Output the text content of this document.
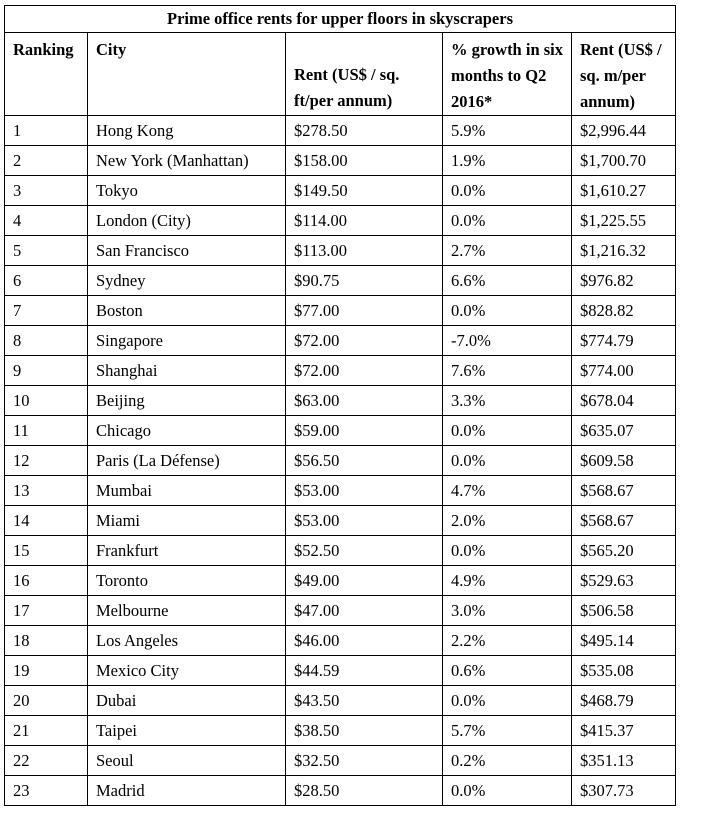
Prime office rents for upper floors in skyscrapers				
Ranking	City	Rent (US$ / sq. ft/per annum)	% growth in six months to Q2 2016*	Rent (US$ / sq. m/per annum)
1	Hong Kong	$278.50	5.9%	$2,996.44
2	New York (Manhattan)	$158.00	1.9%	$1,700.70
3	Tokyo	$149.50	0.0%	$1,610.27
4	London (City)	$114.00	0.0%	$1,225.55
5	San Francisco	$113.00	2.7%	$1,216.32
6	Sydney	$90.75	6.6%	$976.82
7	Boston	$77.00	0.0%	$828.82
8	Singapore	$72.00	-7.0%	$774.79
9	Shanghai	$72.00	7.6%	$774.00
10	Beijing	$63.00	3.3%	$678.04
11	Chicago	$59.00	0.0%	$635.07
12	Paris (La Défense)	$56.50	0.0%	$609.58
13	Mumbai	$53.00	4.7%	$568.67
14	Miami	$53.00	2.0%	$568.67
15	Frankfurt	$52.50	0.0%	$565.20
16	Toronto	$49.00	4.9%	$529.63
17	Melbourne	$47.00	3.0%	$506.58
18	Los Angeles	$46.00	2.2%	$495.14
19	Mexico City	$44.59	0.6%	$535.08
20	Dubai	$43.50	0.0%	$468.79
21	Taipei	$38.50	5.7%	$415.37
22	Seoul	$32.50	0.2%	$351.13
23	Madrid	$28.50	0.0%	$307.73
